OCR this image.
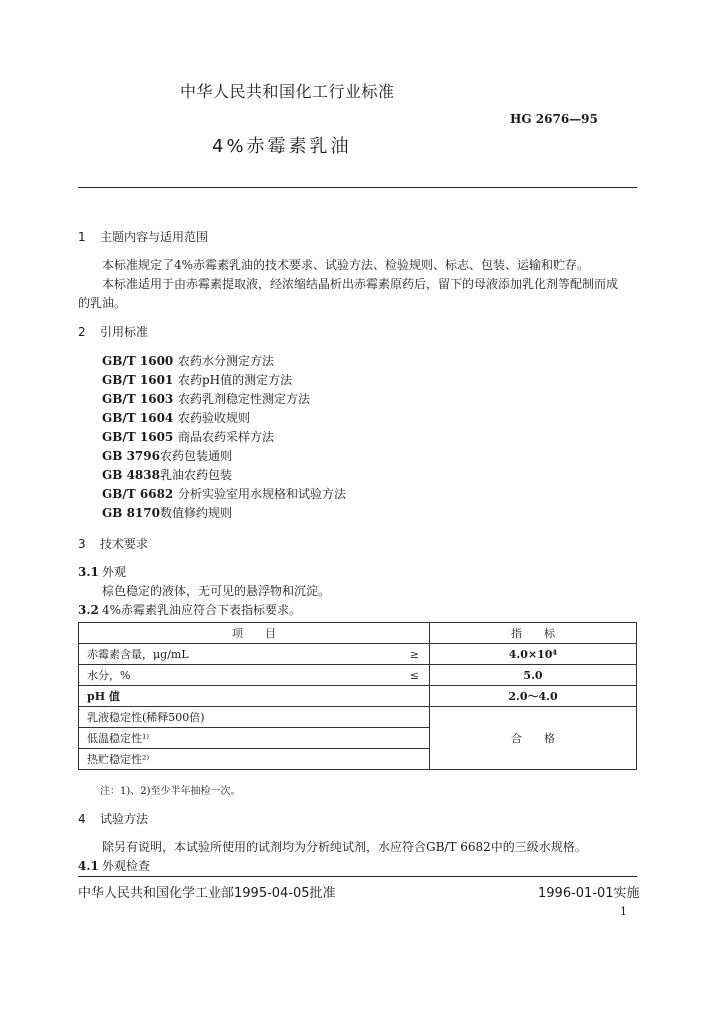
中华人民共和国化工行业标准
HG 2676—95
4%赤霉素乳油
1 主题内容与适用范围
本标准规定了4%赤霉素乳油的技术要求、试验方法、检验规则、标志、包装、运输和贮存。
本标准适用于由赤霉素提取液，经浓缩结晶析出赤霉素原药后，留下的母液添加乳化剂等配制而成
的乳油。
2 引用标准
GB/T 1600 农药水分测定方法
GB/T 1601 农药pH值的测定方法
GB/T 1603 农药乳剂稳定性测定方法
GB/T 1604 农药验收规则
GB/T 1605 商品农药采样方法
GB 3796农药包装通则
GB 4838乳油农药包装
GB/T 6682 分析实验室用水规格和试验方法
GB 8170数值修约规则
3 技术要求
3.1 外观
棕色稳定的液体，无可见的悬浮物和沉淀。
3.2 4%赤霉素乳油应符合下表指标要求。
项　　目		指　　标
赤霉素含量，μg/mL	≥	4.0×10⁴
水分，%	≤	5.0
pH 值		2.0～4.0
乳液稳定性(稀释500倍)		合　　格
低温稳定性¹⁾		
热贮稳定性²⁾		
注：1)、2)至少半年抽检一次。
4 试验方法
除另有说明，本试验所使用的试剂均为分析纯试剂，水应符合GB/T 6682中的三级水规格。
4.1 外观检查
中华人民共和国化学工业部1995-04-05批准	1996-01-01实施
1
